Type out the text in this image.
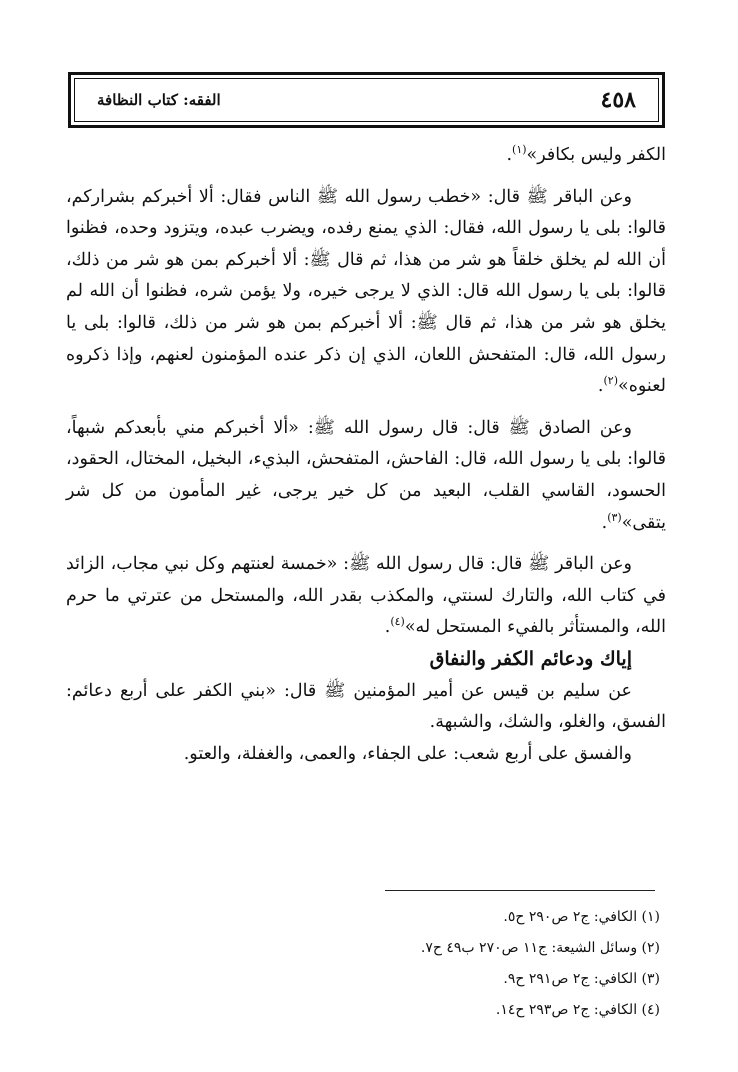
الفقه: كتاب النظافة	٤٥٨

الكفر وليس بكافر»$^{(١)}$.

وعن الباقر ﷺ قال: «خطب رسول الله ﷺ الناس فقال: ألا أخبركم بشراركم، قالوا: بلى يا رسول الله، فقال: الذي يمنع رفده، ويضرب عبده، ويتزود وحده، فظنوا أن الله لم يخلق خلقاً هو شر من هذا، ثم قال ﷺ: ألا أخبركم بمن هو شر من ذلك، قالوا: بلى يا رسول الله قال: الذي لا يرجى خيره، ولا يؤمن شره، فظنوا أن الله لم يخلق هو شر من هذا، ثم قال ﷺ: ألا أخبركم بمن هو شر من ذلك، قالوا: بلى يا رسول الله، قال: المتفحش اللعان، الذي إن ذكر عنده المؤمنون لعنهم، وإذا ذكروه لعنوه»$^{(٢)}$.

وعن الصادق ﷺ قال: قال رسول الله ﷺ: «ألا أخبركم مني بأبعدكم شبهاً، قالوا: بلى يا رسول الله، قال: الفاحش، المتفحش، البذيء، البخيل، المختال، الحقود، الحسود، القاسي القلب، البعيد من كل خير يرجى، غير المأمون من كل شر يتقى»$^{(٣)}$.

وعن الباقر ﷺ قال: قال رسول الله ﷺ: «خمسة لعنتهم وكل نبي مجاب، الزائد في كتاب الله، والتارك لسنتي، والمكذب بقدر الله، والمستحل من عترتي ما حرم الله، والمستأثر بالفيء المستحل له»$^{(٤)}$.

إياك ودعائم الكفر والنفاق

عن سليم بن قيس عن أمير المؤمنين ﷺ قال: «بني الكفر على أربع دعائم: الفسق، والغلو، والشك، والشبهة.

والفسق على أربع شعب: على الجفاء، والعمى، والغفلة، والعتو.

(١) الكافي: ج٢ ص٢٩٠ ح٥.
(٢) وسائل الشيعة: ج١١ ص٢٧٠ ب٤٩ ح٧.
(٣) الكافي: ج٢ ص٢٩١ ح٩.
(٤) الكافي: ج٢ ص٢٩٣ ح١٤.
